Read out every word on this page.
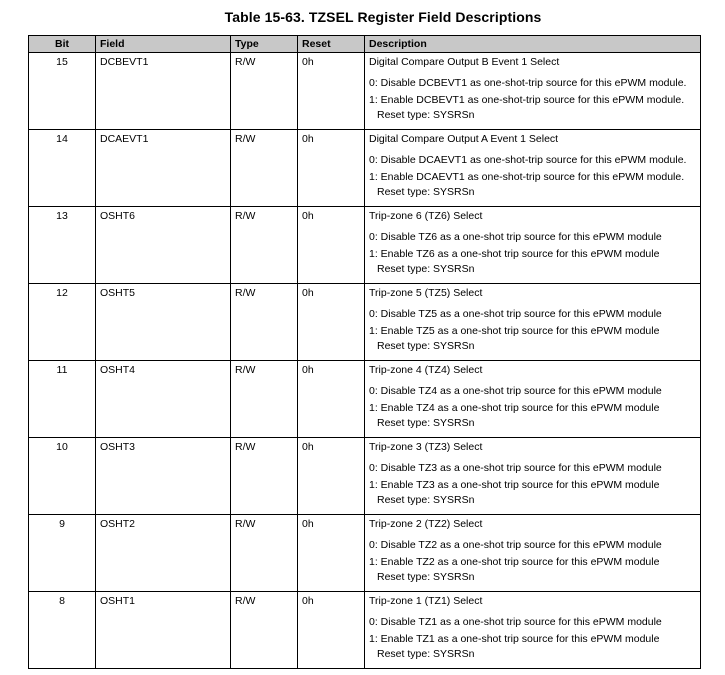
Table 15-63. TZSEL Register Field Descriptions
Bit	Field	Type	Reset	Description
15	DCBEVT1	R/W	0h	Digital Compare Output B Event 1 Select
0: Disable DCBEVT1 as one-shot-trip source for this ePWM module.
1: Enable DCBEVT1 as one-shot-trip source for this ePWM module.
Reset type: SYSRSn

14	DCAEVT1	R/W	0h	Digital Compare Output A Event 1 Select
0: Disable DCAEVT1 as one-shot-trip source for this ePWM module.
1: Enable DCAEVT1 as one-shot-trip source for this ePWM module.
Reset type: SYSRSn

13	OSHT6	R/W	0h	Trip-zone 6 (TZ6) Select
0: Disable TZ6 as a one-shot trip source for this ePWM module
1: Enable TZ6 as a one-shot trip source for this ePWM module
Reset type: SYSRSn

12	OSHT5	R/W	0h	Trip-zone 5 (TZ5) Select
0: Disable TZ5 as a one-shot trip source for this ePWM module
1: Enable TZ5 as a one-shot trip source for this ePWM module
Reset type: SYSRSn

11	OSHT4	R/W	0h	Trip-zone 4 (TZ4) Select
0: Disable TZ4 as a one-shot trip source for this ePWM module
1: Enable TZ4 as a one-shot trip source for this ePWM module
Reset type: SYSRSn

10	OSHT3	R/W	0h	Trip-zone 3 (TZ3) Select
0: Disable TZ3 as a one-shot trip source for this ePWM module
1: Enable TZ3 as a one-shot trip source for this ePWM module
Reset type: SYSRSn

9	OSHT2	R/W	0h	Trip-zone 2 (TZ2) Select
0: Disable TZ2 as a one-shot trip source for this ePWM module
1: Enable TZ2 as a one-shot trip source for this ePWM module
Reset type: SYSRSn

8	OSHT1	R/W	0h	Trip-zone 1 (TZ1) Select
0: Disable TZ1 as a one-shot trip source for this ePWM module
1: Enable TZ1 as a one-shot trip source for this ePWM module
Reset type: SYSRSn
